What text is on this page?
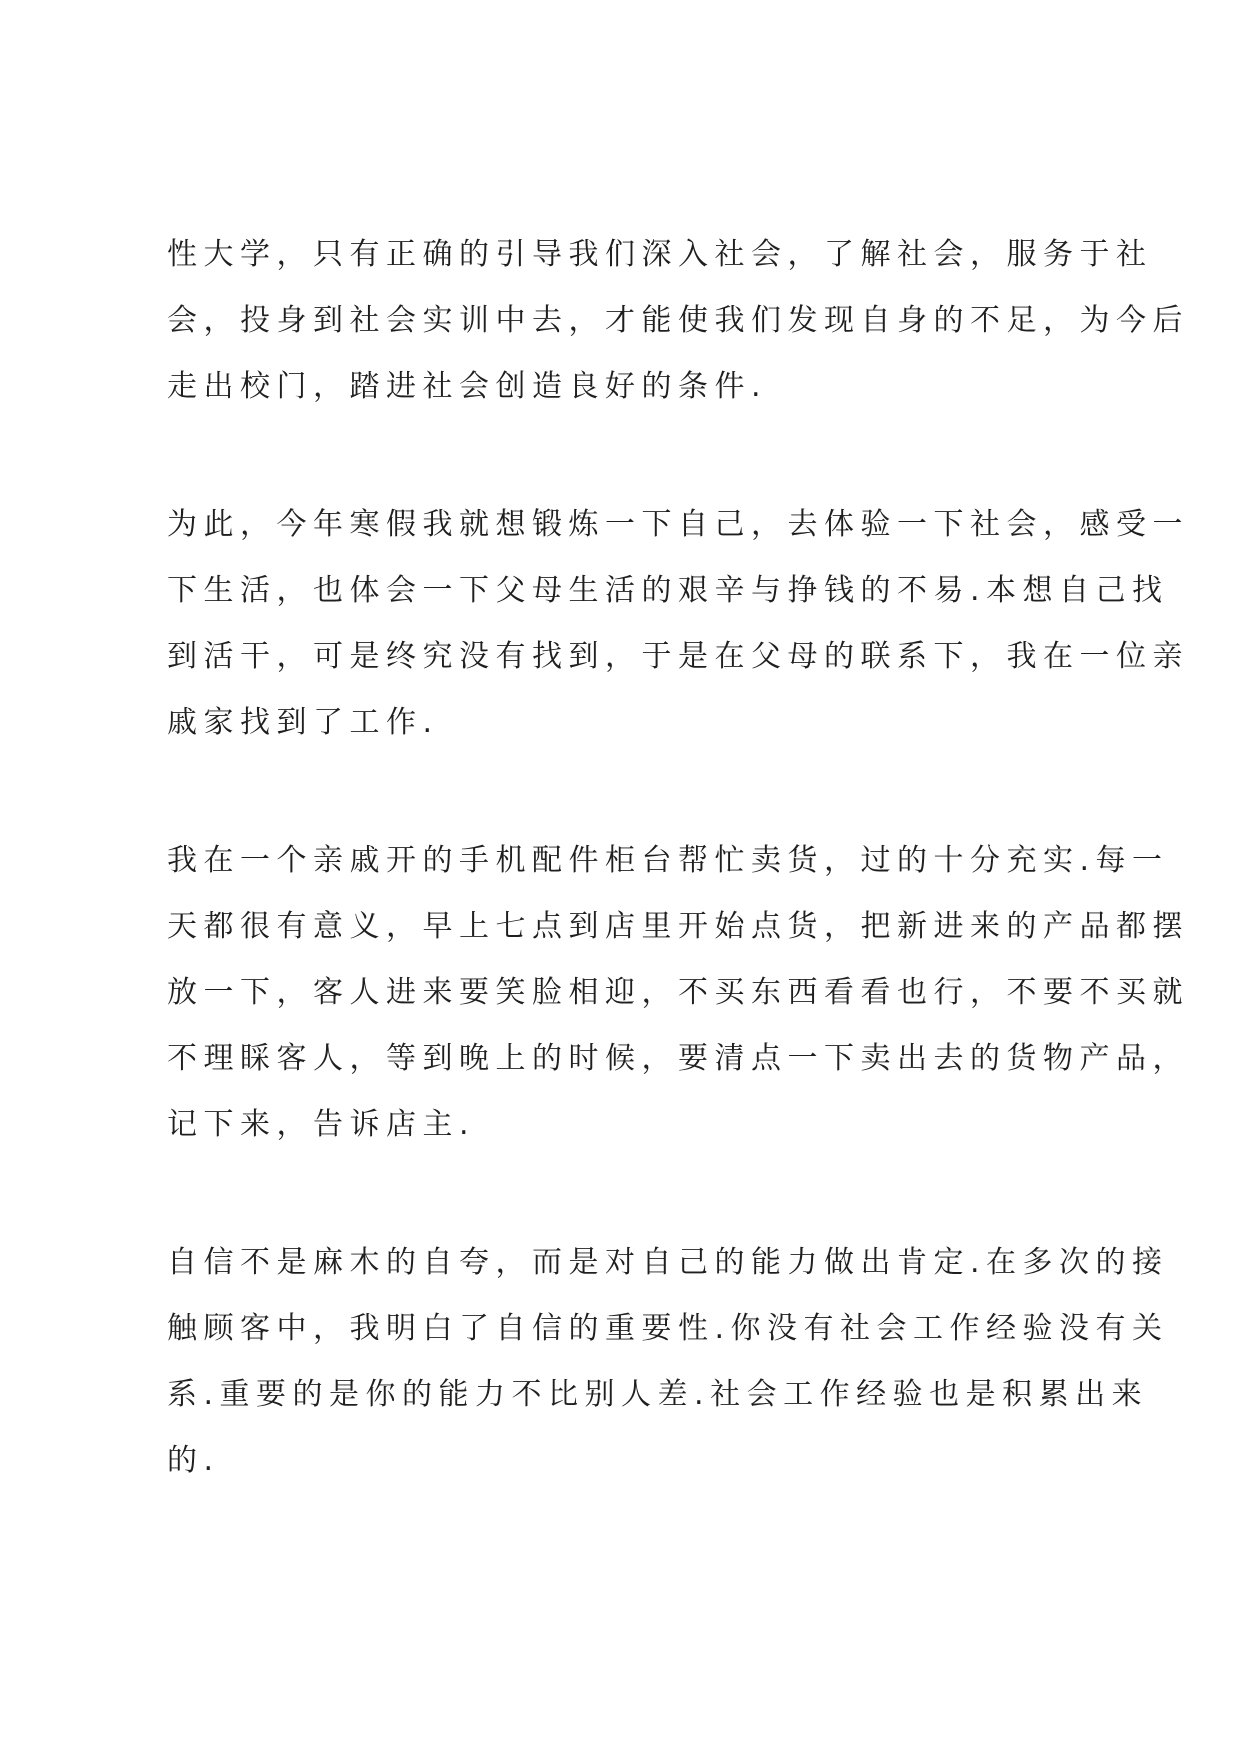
性大学，只有正确的引导我们深入社会，了解社会，服务于社
会，投身到社会实训中去，才能使我们发现自身的不足，为今后
走出校门，踏进社会创造良好的条件.
为此，今年寒假我就想锻炼一下自己，去体验一下社会，感受一
下生活，也体会一下父母生活的艰辛与挣钱的不易.本想自己找
到活干，可是终究没有找到，于是在父母的联系下，我在一位亲
戚家找到了工作.
我在一个亲戚开的手机配件柜台帮忙卖货，过的十分充实.每一
天都很有意义，早上七点到店里开始点货，把新进来的产品都摆
放一下，客人进来要笑脸相迎，不买东西看看也行，不要不买就
不理睬客人，等到晚上的时候，要清点一下卖出去的货物产品，
记下来，告诉店主.
自信不是麻木的自夸，而是对自己的能力做出肯定.在多次的接
触顾客中，我明白了自信的重要性.你没有社会工作经验没有关
系.重要的是你的能力不比别人差.社会工作经验也是积累出来
的.
